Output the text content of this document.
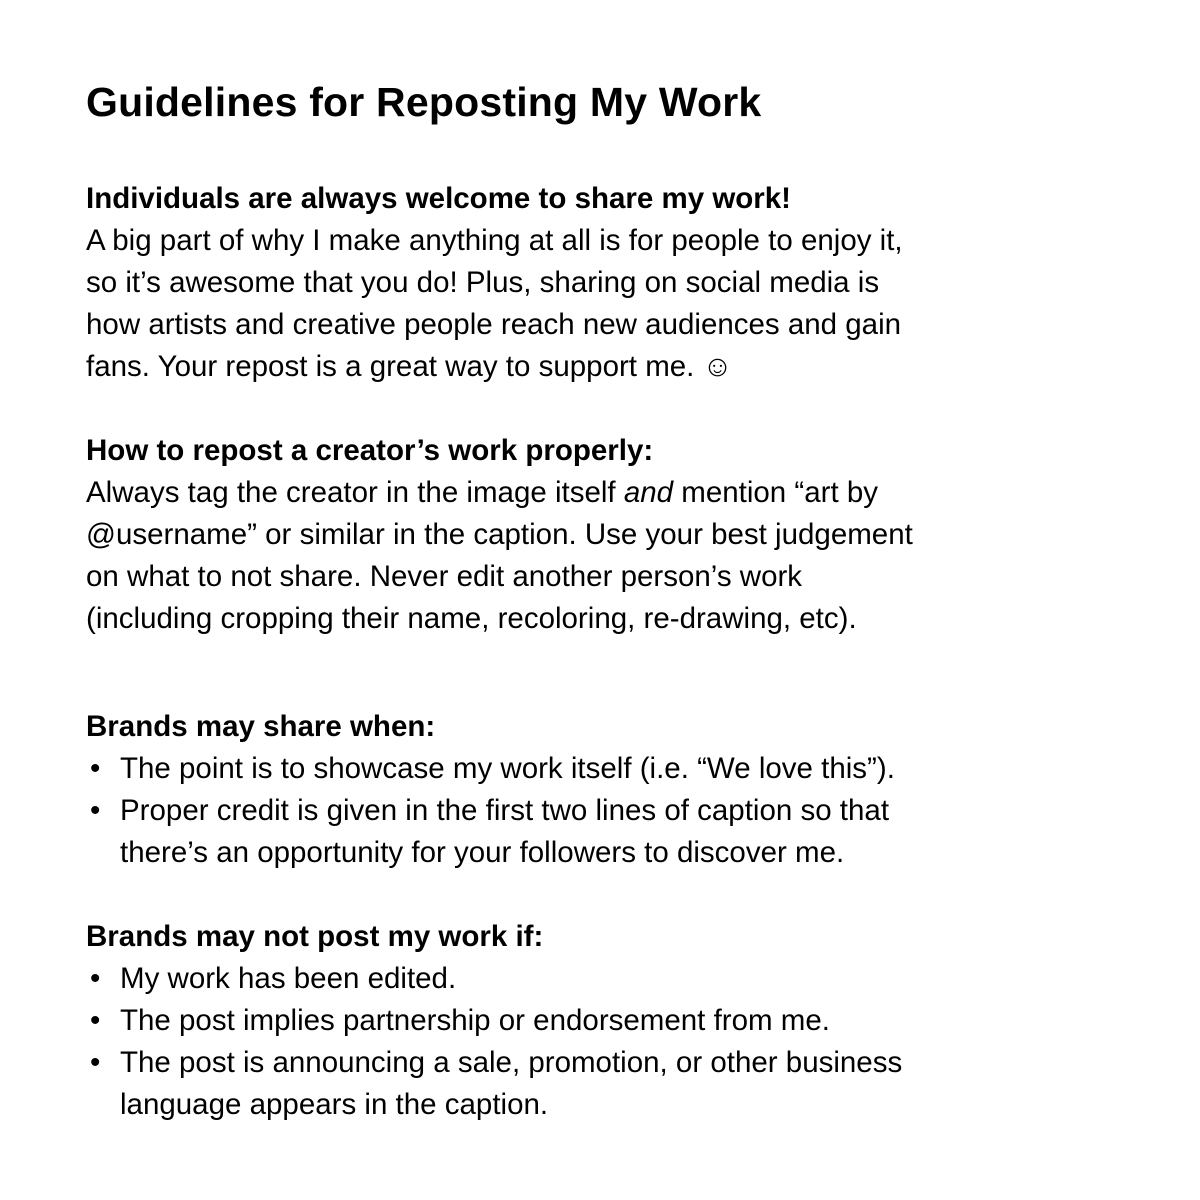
Guidelines for Reposting My Work

Individuals are always welcome to share my work!

A big part of why I make anything at all is for people to enjoy it,
so it’s awesome that you do! Plus, sharing on social media is
how artists and creative people reach new audiences and gain
fans. Your repost is a great way to support me. ☺

How to repost a creator’s work properly:

Always tag the creator in the image itself and mention “art by
@username” or similar in the caption. Use your best judgement
on what to not share. Never edit another person’s work
(including cropping their name, recoloring, re-drawing, etc).

Brands may share when:

• The point is to showcase my work itself (i.e. “We love this”).
• Proper credit is given in the first two lines of caption so that
there’s an opportunity for your followers to discover me.

Brands may not post my work if:

• My work has been edited.
• The post implies partnership or endorsement from me.
• The post is announcing a sale, promotion, or other business
language appears in the caption.
